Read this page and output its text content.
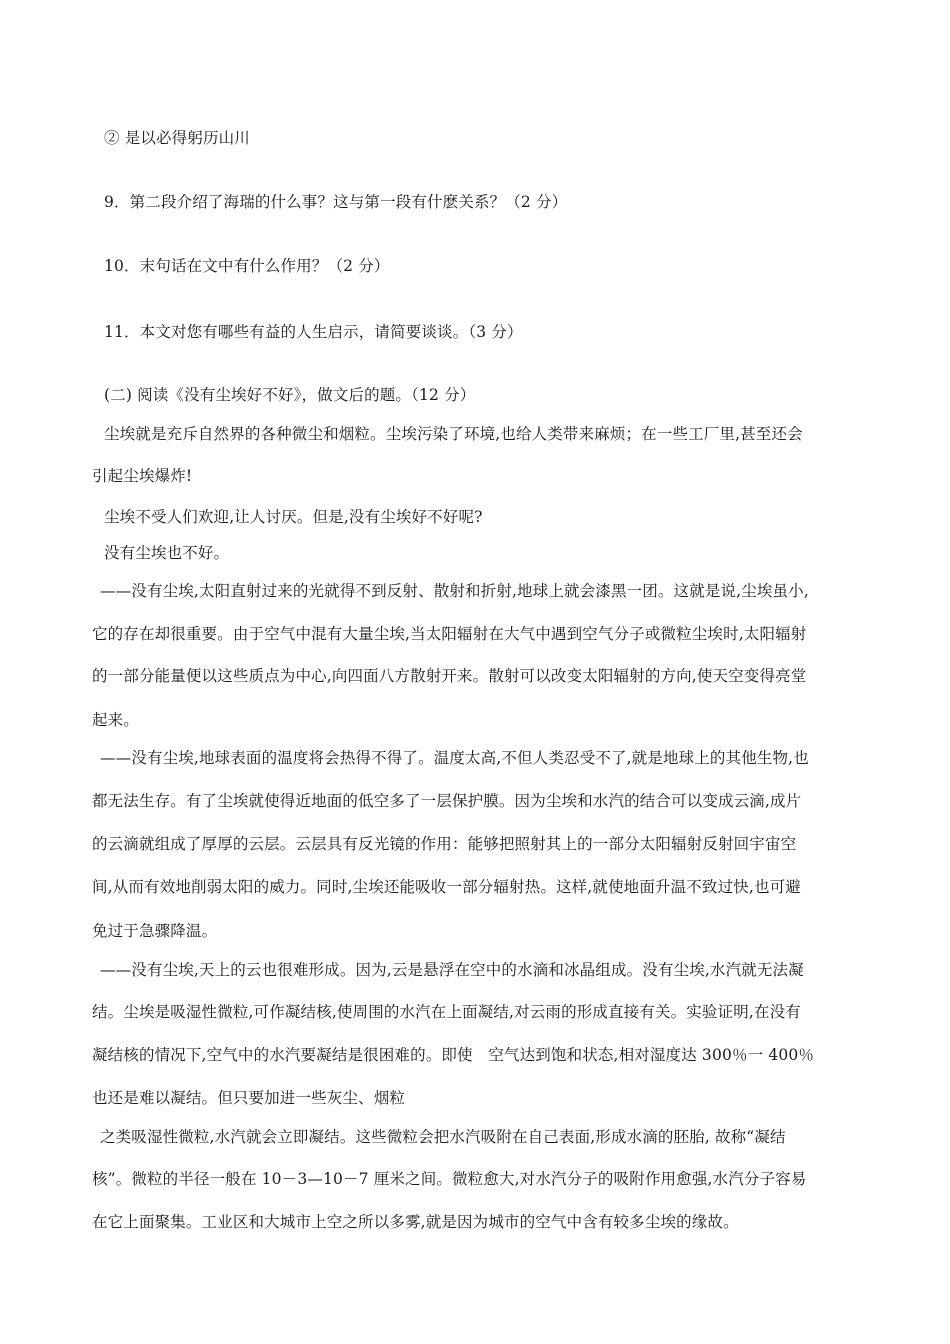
② 是以必得躬历山川
9．第二段介绍了海瑞的什么事？这与第一段有什麽关系？（2 分）
10．末句话在文中有什么作用？（2 分）
11．本文对您有哪些有益的人生启示，请简要谈谈。（3 分）
(二) 阅读《没有尘埃好不好》，做文后的题。（12 分）
尘埃就是充斥自然界的各种微尘和烟粒。尘埃污染了环境,也给人类带来麻烦；在一些工厂里,甚至还会
引起尘埃爆炸!
尘埃不受人们欢迎,让人讨厌。但是,没有尘埃好不好呢?
没有尘埃也不好。
——没有尘埃,太阳直射过来的光就得不到反射、散射和折射,地球上就会漆黑一团。这就是说,尘埃虽小,
它的存在却很重要。由于空气中混有大量尘埃,当太阳辐射在大气中遇到空气分子或微粒尘埃时,太阳辐射
的一部分能量便以这些质点为中心,向四面八方散射开来。散射可以改变太阳辐射的方向,使天空变得亮堂
起来。
——没有尘埃,地球表面的温度将会热得不得了。温度太高,不但人类忍受不了,就是地球上的其他生物,也
都无法生存。有了尘埃就使得近地面的低空多了一层保护膜。因为尘埃和水汽的结合可以变成云滴,成片
的云滴就组成了厚厚的云层。云层具有反光镜的作用：能够把照射其上的一部分太阳辐射反射回宇宙空
间,从而有效地削弱太阳的威力。同时,尘埃还能吸收一部分辐射热。这样,就使地面升温不致过快,也可避
免过于急骤降温。
——没有尘埃,天上的云也很难形成。因为,云是悬浮在空中的水滴和冰晶组成。没有尘埃,水汽就无法凝
结。尘埃是吸湿性微粒,可作凝结核,使周围的水汽在上面凝结,对云雨的形成直接有关。实验证明,在没有
凝结核的情况下,空气中的水汽要凝结是很困难的。即使　空气达到饱和状态,相对湿度达 300％一 400％
也还是难以凝结。但只要加进一些灰尘、烟粒
之类吸湿性微粒,水汽就会立即凝结。这些微粒会把水汽吸附在自己表面,形成水滴的胚胎, 故称“凝结
核”。微粒的半径一般在 10－3—10－7 厘米之间。微粒愈大,对水汽分子的吸附作用愈强,水汽分子容易
在它上面聚集。工业区和大城市上空之所以多雾,就是因为城市的空气中含有较多尘埃的缘故。
